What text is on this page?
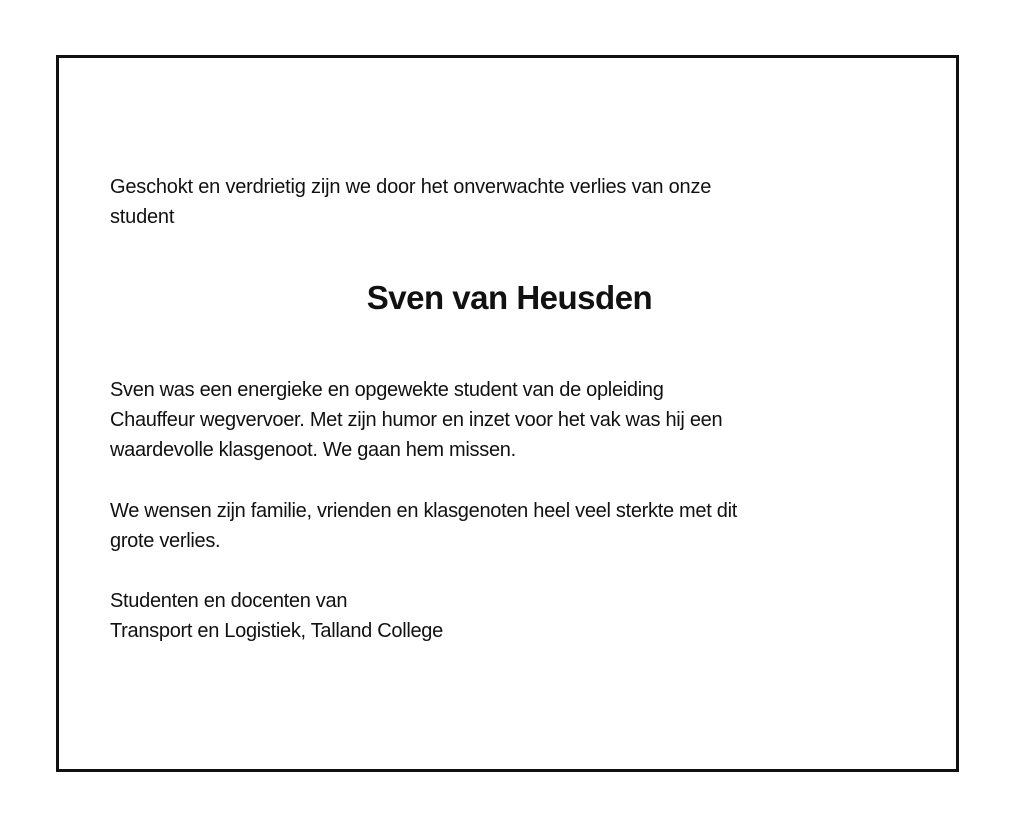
Geschokt en verdrietig zijn we door het onverwachte verlies van onze
student

Sven van Heusden

Sven was een energieke en opgewekte student van de opleiding
Chauffeur wegvervoer. Met zijn humor en inzet voor het vak was hij een
waardevolle klasgenoot. We gaan hem missen.

We wensen zijn familie, vrienden en klasgenoten heel veel sterkte met dit
grote verlies.

Studenten en docenten van
Transport en Logistiek, Talland College
